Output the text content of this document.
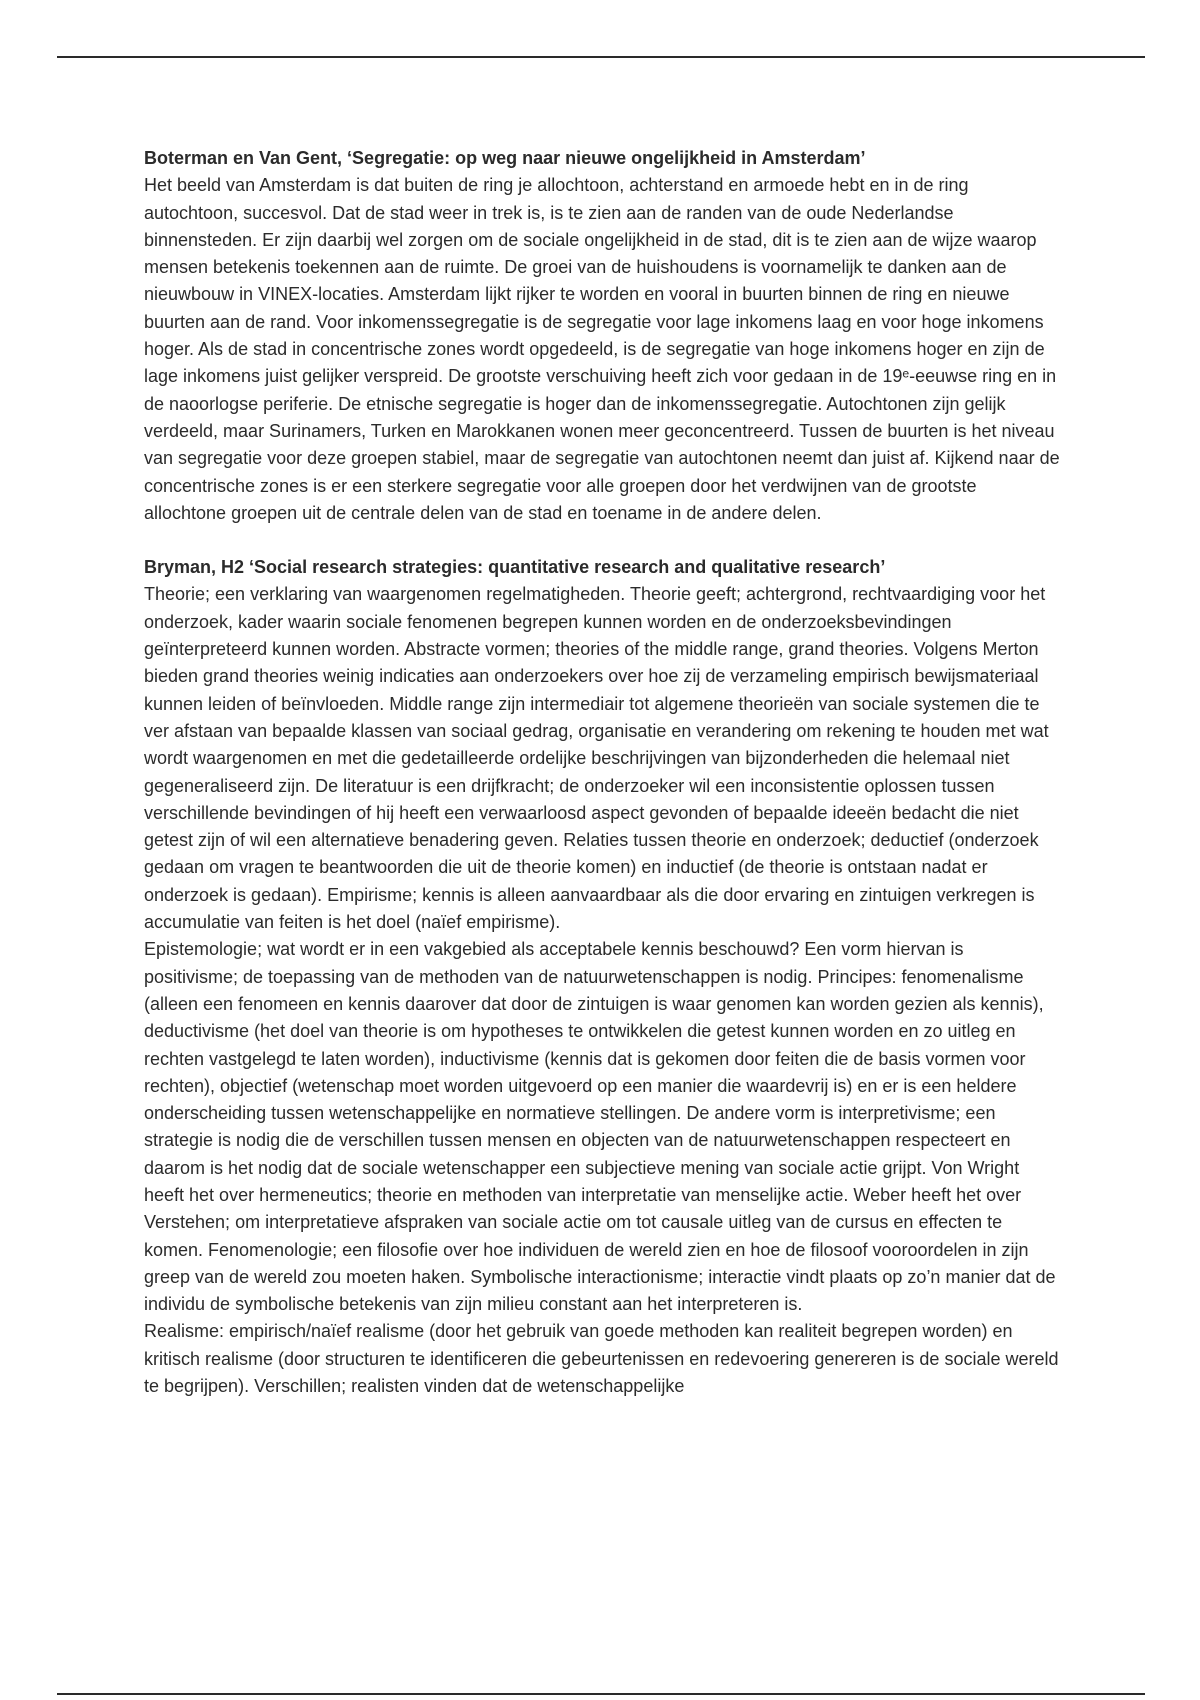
Boterman en Van Gent, ‘Segregatie: op weg naar nieuwe ongelijkheid in Amsterdam’

Het beeld van Amsterdam is dat buiten de ring je allochtoon, achterstand en armoede hebt en in de ring autochtoon, succesvol. Dat de stad weer in trek is, is te zien aan de randen van de oude Nederlandse binnensteden. Er zijn daarbij wel zorgen om de sociale ongelijkheid in de stad, dit is te zien aan de wijze waarop mensen betekenis toekennen aan de ruimte. De groei van de huishoudens is voornamelijk te danken aan de nieuwbouw in VINEX-locaties. Amsterdam lijkt rijker te worden en vooral in buurten binnen de ring en nieuwe buurten aan de rand. Voor inkomenssegregatie is de segregatie voor lage inkomens laag en voor hoge inkomens hoger. Als de stad in concentrische zones wordt opgedeeld, is de segregatie van hoge inkomens hoger en zijn de lage inkomens juist gelijker verspreid. De grootste verschuiving heeft zich voor gedaan in de 19ᵉ-eeuwse ring en in de naoorlogse periferie. De etnische segregatie is hoger dan de inkomenssegregatie. Autochtonen zijn gelijk verdeeld, maar Surinamers, Turken en Marokkanen wonen meer geconcentreerd. Tussen de buurten is het niveau van segregatie voor deze groepen stabiel, maar de segregatie van autochtonen neemt dan juist af. Kijkend naar de concentrische zones is er een sterkere segregatie voor alle groepen door het verdwijnen van de grootste allochtone groepen uit de centrale delen van de stad en toename in de andere delen.

Bryman, H2 ‘Social research strategies: quantitative research and qualitative research’

Theorie; een verklaring van waargenomen regelmatigheden. Theorie geeft; achtergrond, rechtvaardiging voor het onderzoek, kader waarin sociale fenomenen begrepen kunnen worden en de onderzoeksbevindingen geïnterpreteerd kunnen worden. Abstracte vormen; theories of the middle range, grand theories. Volgens Merton bieden grand theories weinig indicaties aan onderzoekers over hoe zij de verzameling empirisch bewijsmateriaal kunnen leiden of beïnvloeden. Middle range zijn intermediair tot algemene theorieën van sociale systemen die te ver afstaan van bepaalde klassen van sociaal gedrag, organisatie en verandering om rekening te houden met wat wordt waargenomen en met die gedetailleerde ordelijke beschrijvingen van bijzonderheden die helemaal niet gegeneraliseerd zijn. De literatuur is een drijfkracht; de onderzoeker wil een inconsistentie oplossen tussen verschillende bevindingen of hij heeft een verwaarloosd aspect gevonden of bepaalde ideeën bedacht die niet getest zijn of wil een alternatieve benadering geven. Relaties tussen theorie en onderzoek; deductief (onderzoek gedaan om vragen te beantwoorden die uit de theorie komen) en inductief (de theorie is ontstaan nadat er onderzoek is gedaan). Empirisme; kennis is alleen aanvaardbaar als die door ervaring en zintuigen verkregen is accumulatie van feiten is het doel (naïef empirisme).

Epistemologie; wat wordt er in een vakgebied als acceptabele kennis beschouwd? Een vorm hiervan is positivisme; de toepassing van de methoden van de natuurwetenschappen is nodig. Principes: fenomenalisme (alleen een fenomeen en kennis daarover dat door de zintuigen is waar genomen kan worden gezien als kennis), deductivisme (het doel van theorie is om hypotheses te ontwikkelen die getest kunnen worden en zo uitleg en rechten vastgelegd te laten worden), inductivisme (kennis dat is gekomen door feiten die de basis vormen voor rechten), objectief (wetenschap moet worden uitgevoerd op een manier die waardevrij is) en er is een heldere onderscheiding tussen wetenschappelijke en normatieve stellingen. De andere vorm is interpretivisme; een strategie is nodig die de verschillen tussen mensen en objecten van de natuurwetenschappen respecteert en daarom is het nodig dat de sociale wetenschapper een subjectieve mening van sociale actie grijpt. Von Wright heeft het over hermeneutics; theorie en methoden van interpretatie van menselijke actie. Weber heeft het over Verstehen; om interpretatieve afspraken van sociale actie om tot causale uitleg van de cursus en effecten te komen. Fenomenologie; een filosofie over hoe individuen de wereld zien en hoe de filosoof vooroordelen in zijn greep van de wereld zou moeten haken. Symbolische interactionisme; interactie vindt plaats op zo’n manier dat de individu de symbolische betekenis van zijn milieu constant aan het interpreteren is.

Realisme: empirisch/naïef realisme (door het gebruik van goede methoden kan realiteit begrepen worden) en kritisch realisme (door structuren te identificeren die gebeurtenissen en redevoering genereren is de sociale wereld te begrijpen). Verschillen; realisten vinden dat de wetenschappelijke
